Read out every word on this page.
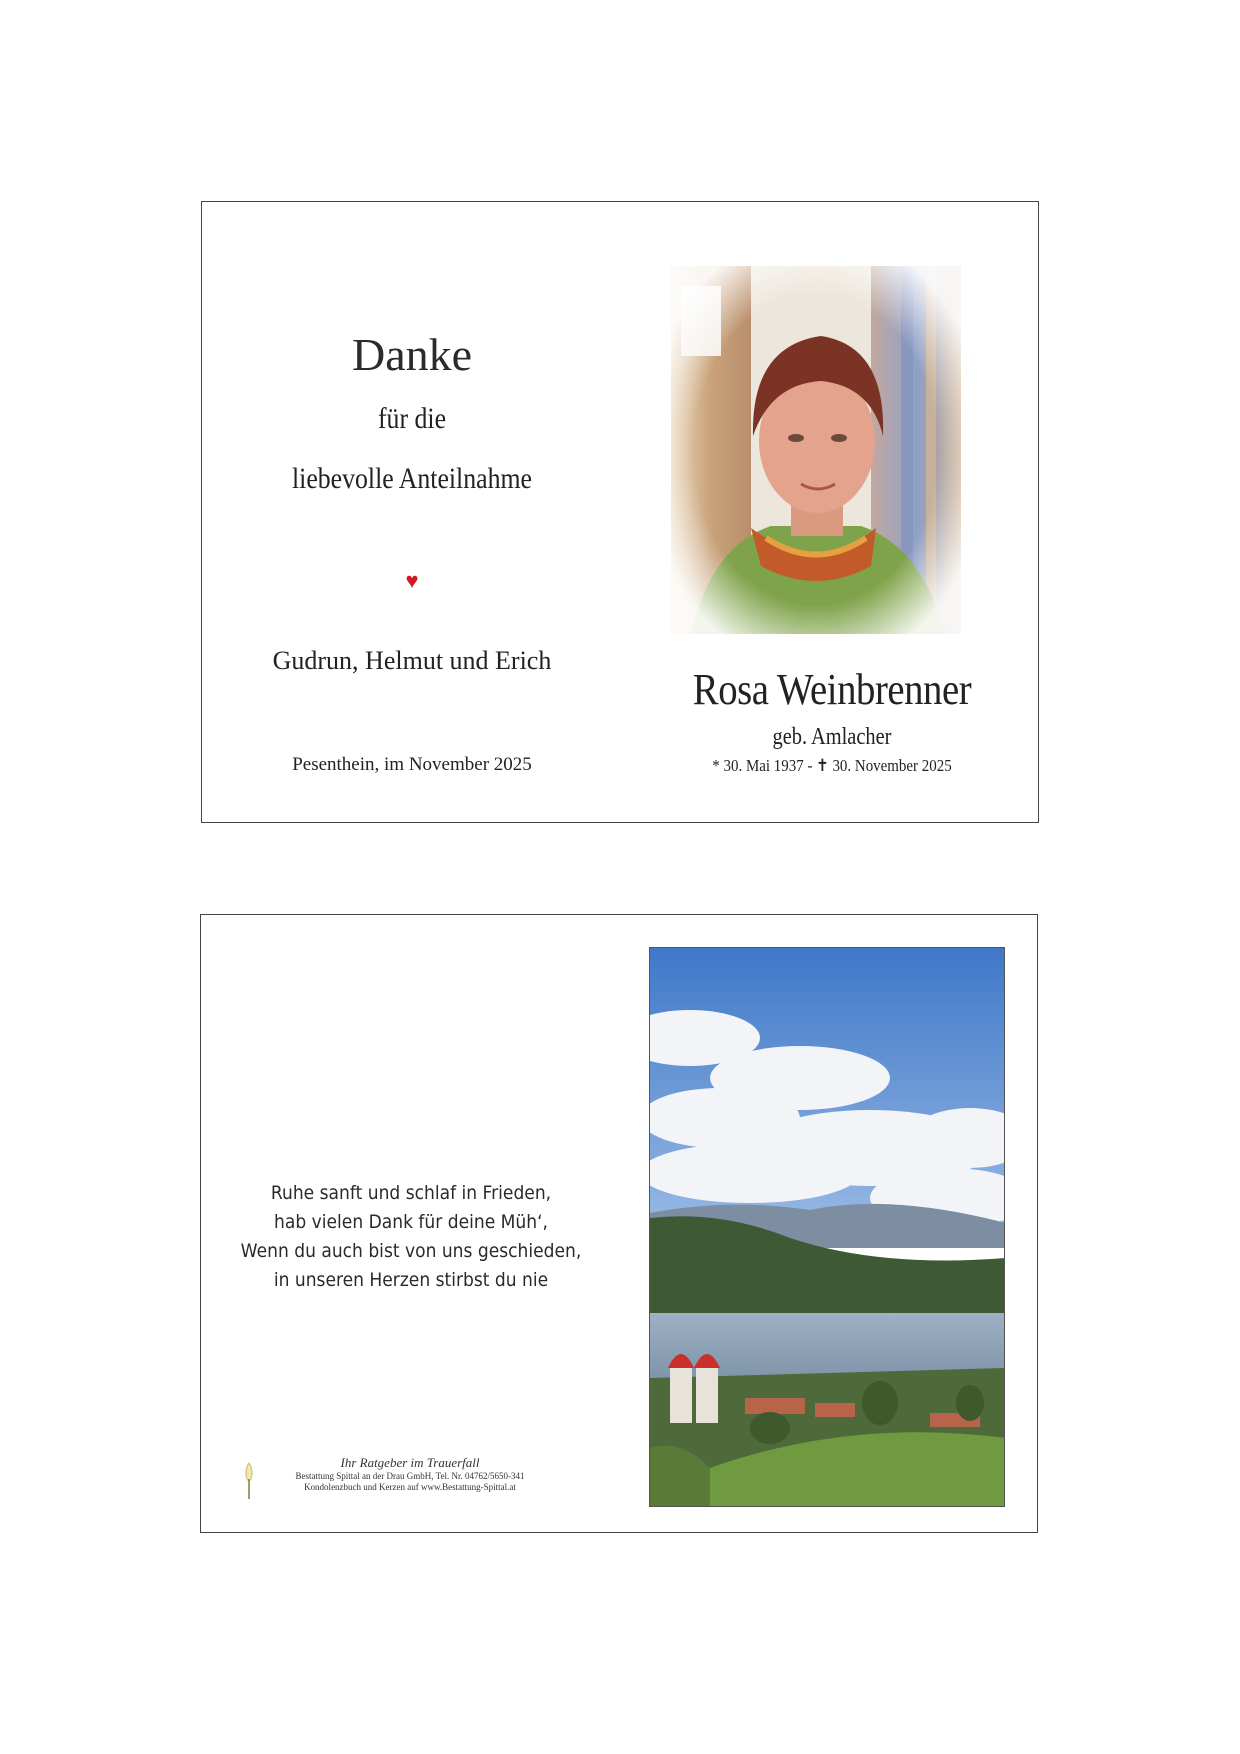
Danke
für die
liebevolle Anteilnahme
♥
Gudrun, Helmut und Erich
Pesenthein, im November 2025
Rosa Weinbrenner
geb. Amlacher
* 30. Mai 1937 - ✝ 30. November 2025
Ruhe sanft und schlaf in Frieden,
hab vielen Dank für deine Müh‘,
Wenn du auch bist von uns geschieden,
in unseren Herzen stirbst du nie
Ihr Ratgeber im Trauerfall
Bestattung Spittal an der Drau GmbH, Tel. Nr. 04762/5650-341
Kondolenzbuch und Kerzen auf www.Bestattung-Spittal.at
